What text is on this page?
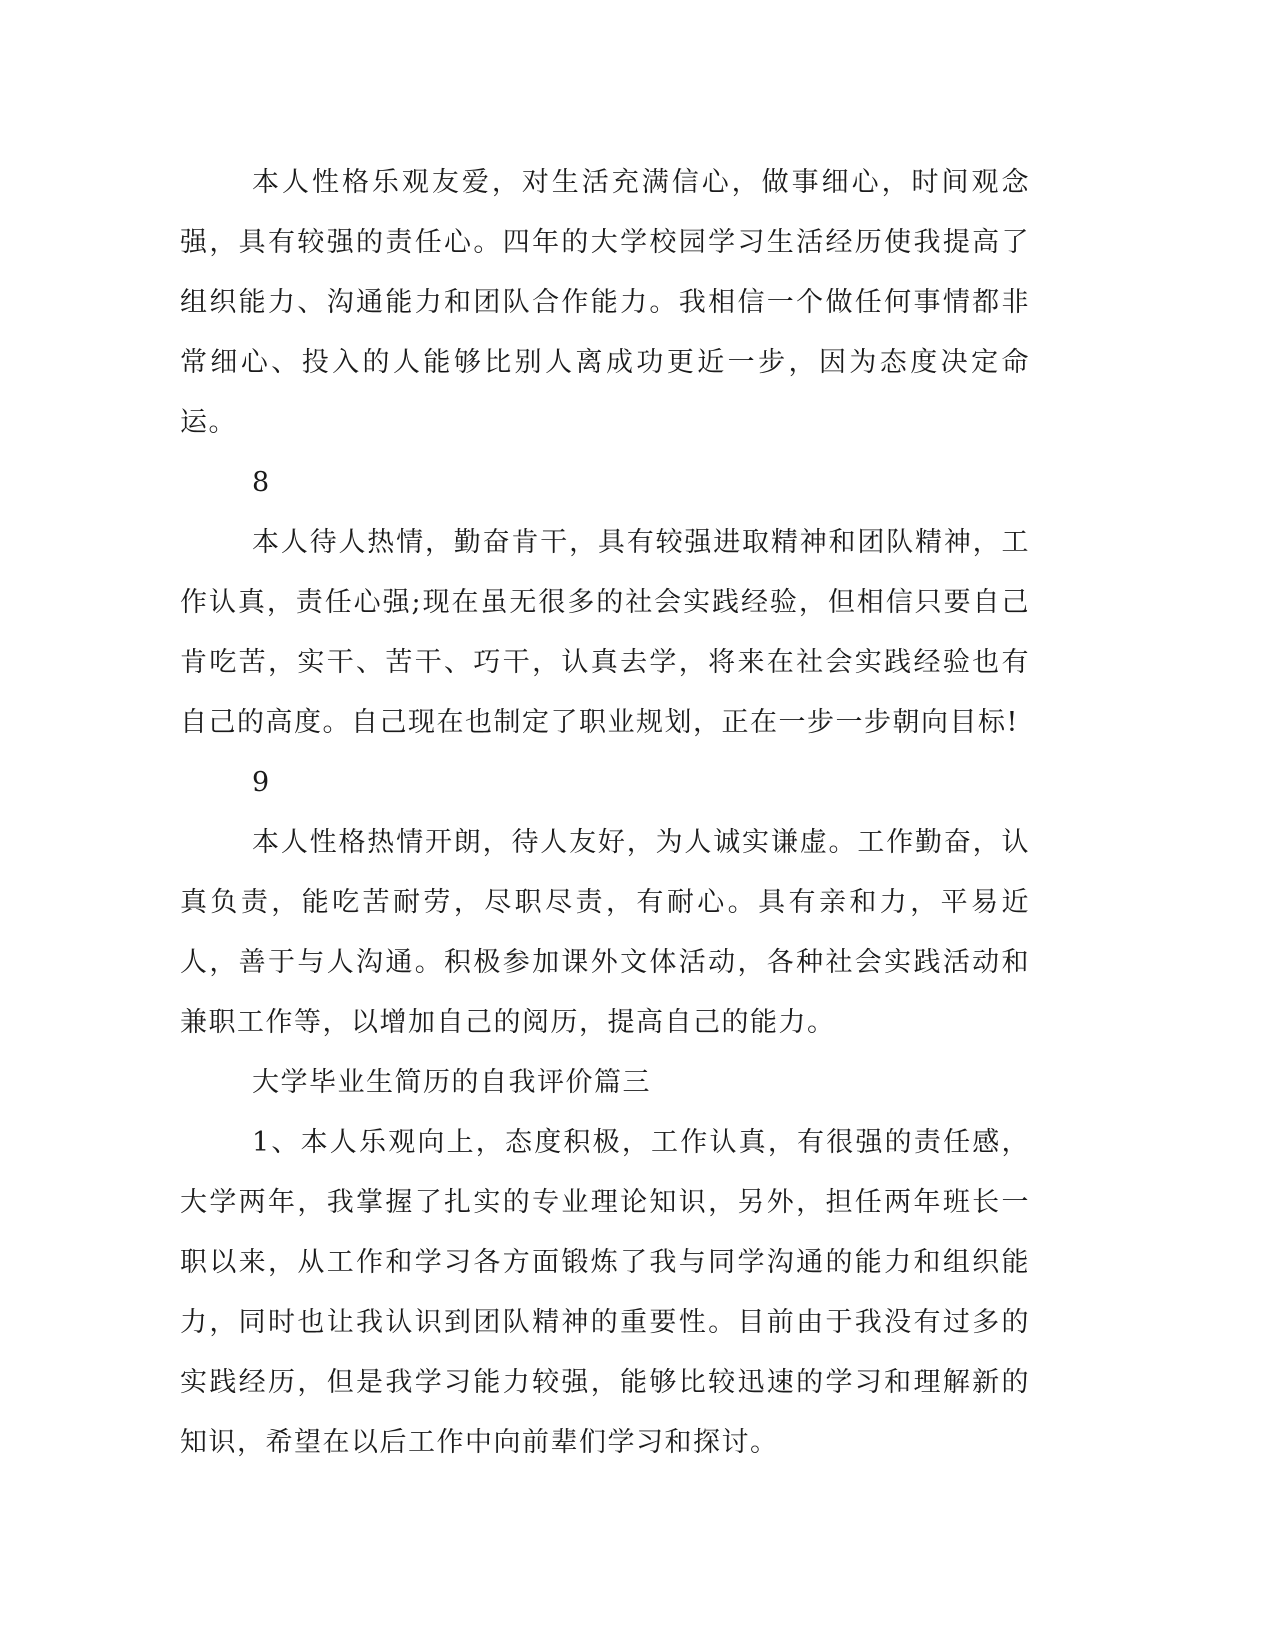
本人性格乐观友爱，对生活充满信心，做事细心，时间观念强，具有较强的责任心。四年的大学校园学习生活经历使我提高了组织能力、沟通能力和团队合作能力。我相信一个做任何事情都非常细心、投入的人能够比别人离成功更近一步，因为态度决定命运。

8

本人待人热情，勤奋肯干，具有较强进取精神和团队精神，工作认真，责任心强;现在虽无很多的社会实践经验，但相信只要自己肯吃苦，实干、苦干、巧干，认真去学，将来在社会实践经验也有自己的高度。自己现在也制定了职业规划，正在一步一步朝向目标!

9

本人性格热情开朗，待人友好，为人诚实谦虚。工作勤奋，认真负责，能吃苦耐劳，尽职尽责，有耐心。具有亲和力，平易近人，善于与人沟通。积极参加课外文体活动，各种社会实践活动和兼职工作等，以增加自己的阅历，提高自己的能力。

大学毕业生简历的自我评价篇三

1、本人乐观向上，态度积极，工作认真，有很强的责任感，大学两年，我掌握了扎实的专业理论知识，另外，担任两年班长一职以来，从工作和学习各方面锻炼了我与同学沟通的能力和组织能力，同时也让我认识到团队精神的重要性。目前由于我没有过多的实践经历，但是我学习能力较强，能够比较迅速的学习和理解新的知识，希望在以后工作中向前辈们学习和探讨。
